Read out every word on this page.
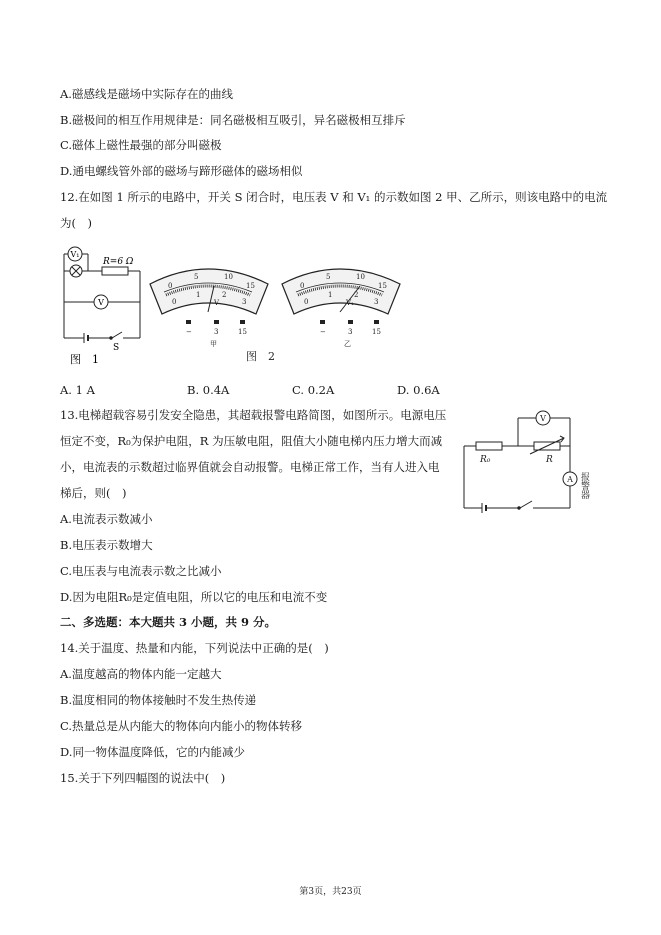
A.磁感线是磁场中实际存在的曲线
B.磁极间的相互作用规律是：同名磁极相互吸引，异名磁极相互排斥
C.磁体上磁性最强的部分叫磁极
D.通电螺线管外部的磁场与蹄形磁体的磁场相似
12.在如图 1 所示的电路中，开关 S 闭合时，电压表 V 和 V₁ 的示数如图 2 甲、乙所示，则该电路中的电流
为(　)
V₁
V
R=6 Ω
S
图　1
0
5	10
15
0
1	2
3
V
−	3	15
甲
0
5	10
15
0
1	2
3
V₁
−	3	15
乙
图　2
A. 1 A	B. 0.4A	C. 0.2A	D. 0.6A
13.电梯超载容易引发安全隐患，其超载报警电路简图，如图所示。电源电压
恒定不变，R₀为保护电阻，R 为压敏电阻，阻值大小随电梯内压力增大而减
小，电流表的示数超过临界值就会自动报警。电梯正常工作，当有人进入电
梯后，则(　)
V
R₀	R
A 报警器
A.电流表示数减小
B.电压表示数增大
C.电压表与电流表示数之比减小
D.因为电阻R₀是定值电阻，所以它的电压和电流不变
二、多选题：本大题共 3 小题，共 9 分。
14.关于温度、热量和内能，下列说法中正确的是(　)
A.温度越高的物体内能一定越大
B.温度相同的物体接触时不发生热传递
C.热量总是从内能大的物体向内能小的物体转移
D.同一物体温度降低，它的内能减少
15.关于下列四幅图的说法中(　)
第3页，共23页
